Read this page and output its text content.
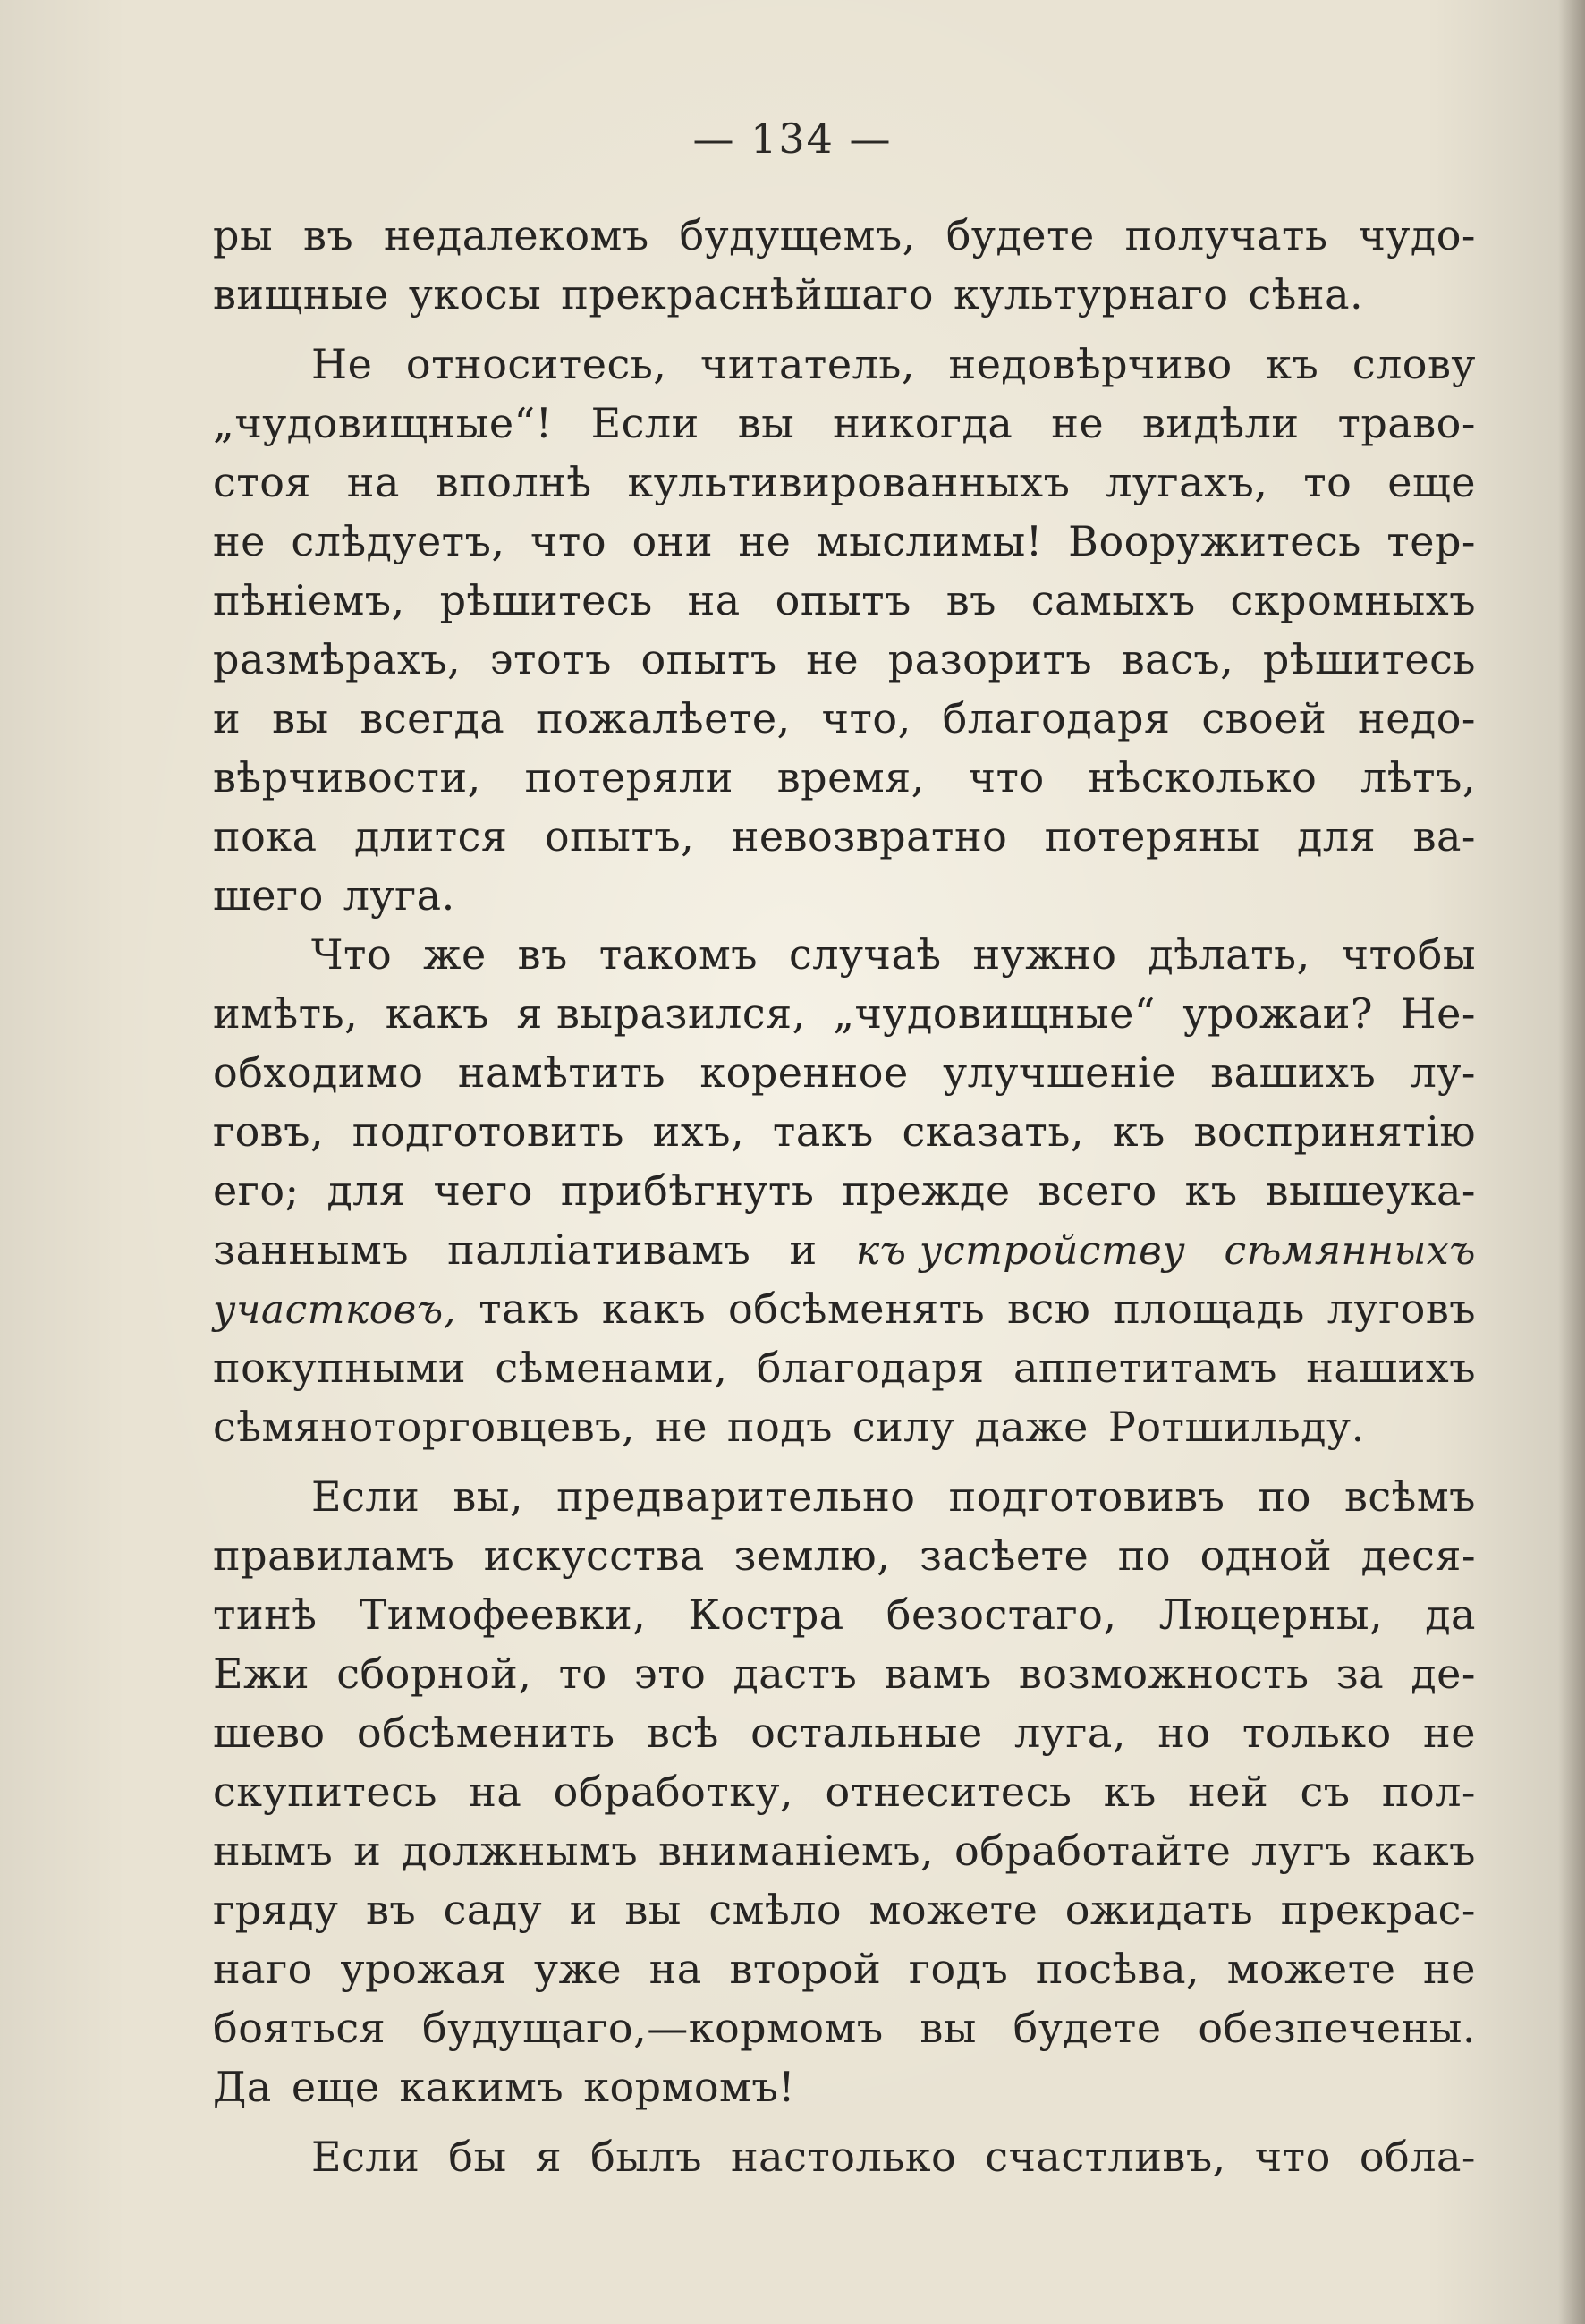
— 134 —
ры въ недалекомъ будущемъ, будете получать чудо-
вищные укосы прекраснѣйшаго культурнаго сѣна.
Не относитесь, читатель, недовѣрчиво къ слову
„чудовищные“! Если вы никогда не видѣли траво-
стоя на вполнѣ культивированныхъ лугахъ, то еще
не слѣдуетъ, что они не мыслимы! Вооружитесь тер-
пѣніемъ, рѣшитесь на опытъ въ самыхъ скромныхъ
размѣрахъ, этотъ опытъ не разоритъ васъ, рѣшитесь
и вы всегда пожалѣете, что, благодаря своей недо-
вѣрчивости, потеряли время, что нѣсколько лѣтъ,
пока длится опытъ, невозвратно потеряны для ва-
шего луга.
Что же въ такомъ случаѣ нужно дѣлать, чтобы
имѣть, какъ я выразился, „чудовищные“ урожаи? Не-
обходимо намѣтить коренное улучшеніе вашихъ лу-
говъ, подготовить ихъ, такъ сказать, къ воспринятію
его; для чего прибѣгнуть прежде всего къ вышеука-
заннымъ палліативамъ и къ устройству сѣмянныхъ
участковъ, такъ какъ обсѣменять всю площадь луговъ
покупными сѣменами, благодаря аппетитамъ нашихъ
сѣмяноторговцевъ, не подъ силу даже Ротшильду.
Если вы, предварительно подготовивъ по всѣмъ
правиламъ искусства землю, засѣете по одной деся-
тинѣ Тимофеевки, Костра безостаго, Люцерны, да
Ежи сборной, то это дастъ вамъ возможность за де-
шево обсѣменить всѣ остальные луга, но только не
скупитесь на обработку, отнеситесь къ ней съ пол-
нымъ и должнымъ вниманіемъ, обработайте лугъ какъ
гряду въ саду и вы смѣло можете ожидать прекрас-
наго урожая уже на второй годъ посѣва, можете не
бояться будущаго,—кормомъ вы будете обезпечены.
Да еще какимъ кормомъ!
Если бы я былъ настолько счастливъ, что обла-
